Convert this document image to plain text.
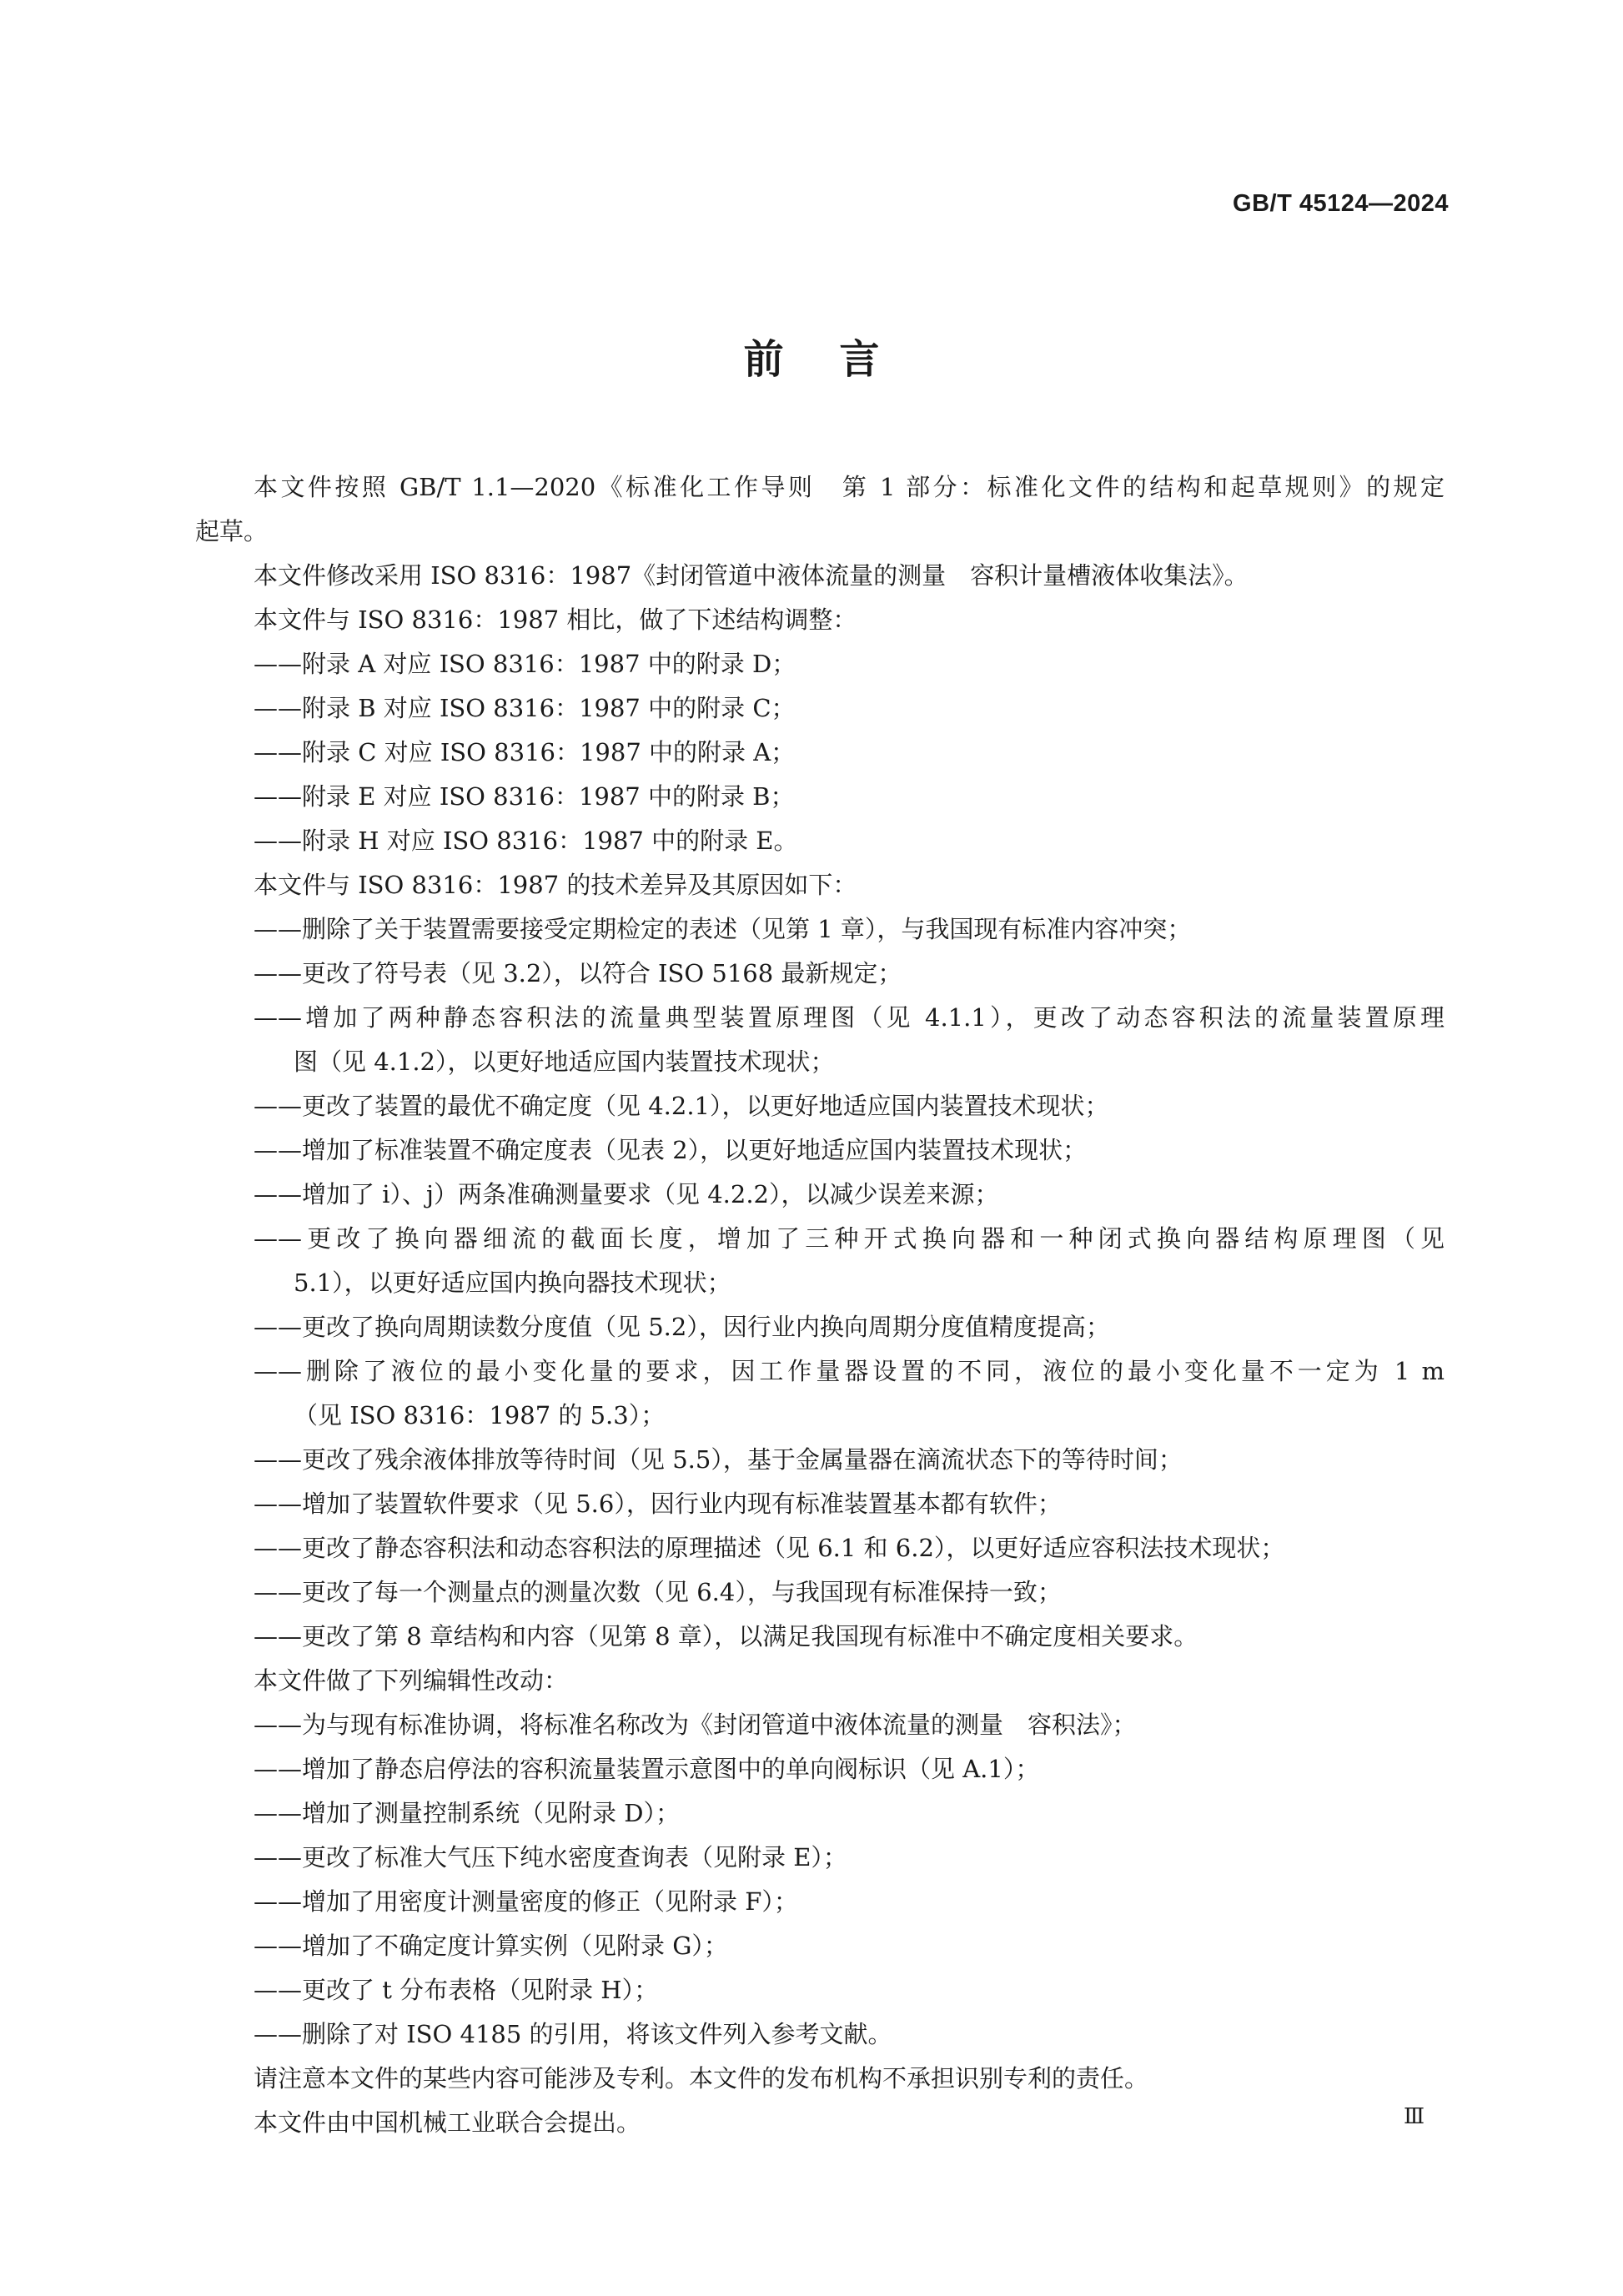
GB/T 45124—2024
前    言
本文件按照 GB/T 1.1—2020《标准化工作导则　第 1 部分：标准化文件的结构和起草规则》的规定
起草。
本文件修改采用 ISO 8316：1987《封闭管道中液体流量的测量　容积计量槽液体收集法》。
本文件与 ISO 8316：1987 相比，做了下述结构调整：
——附录 A 对应 ISO 8316：1987 中的附录 D；
——附录 B 对应 ISO 8316：1987 中的附录 C；
——附录 C 对应 ISO 8316：1987 中的附录 A；
——附录 E 对应 ISO 8316：1987 中的附录 B；
——附录 H 对应 ISO 8316：1987 中的附录 E。
本文件与 ISO 8316：1987 的技术差异及其原因如下：
——删除了关于装置需要接受定期检定的表述（见第 1 章），与我国现有标准内容冲突；
——更改了符号表（见 3.2），以符合 ISO 5168 最新规定；
——增加了两种静态容积法的流量典型装置原理图（见 4.1.1），更改了动态容积法的流量装置原理
图（见 4.1.2），以更好地适应国内装置技术现状；
——更改了装置的最优不确定度（见 4.2.1），以更好地适应国内装置技术现状；
——增加了标准装置不确定度表（见表 2），以更好地适应国内装置技术现状；
——增加了 i）、j）两条准确测量要求（见 4.2.2），以减少误差来源；
——更改了换向器细流的截面长度，增加了三种开式换向器和一种闭式换向器结构原理图（见
5.1），以更好适应国内换向器技术现状；
——更改了换向周期读数分度值（见 5.2），因行业内换向周期分度值精度提高；
——删除了液位的最小变化量的要求，因工作量器设置的不同，液位的最小变化量不一定为 1 m
（见 ISO 8316：1987 的 5.3）；
——更改了残余液体排放等待时间（见 5.5），基于金属量器在滴流状态下的等待时间；
——增加了装置软件要求（见 5.6），因行业内现有标准装置基本都有软件；
——更改了静态容积法和动态容积法的原理描述（见 6.1 和 6.2），以更好适应容积法技术现状；
——更改了每一个测量点的测量次数（见 6.4），与我国现有标准保持一致；
——更改了第 8 章结构和内容（见第 8 章），以满足我国现有标准中不确定度相关要求。
本文件做了下列编辑性改动：
——为与现有标准协调，将标准名称改为《封闭管道中液体流量的测量　容积法》；
——增加了静态启停法的容积流量装置示意图中的单向阀标识（见 A.1）；
——增加了测量控制系统（见附录 D）；
——更改了标准大气压下纯水密度查询表（见附录 E）；
——增加了用密度计测量密度的修正（见附录 F）；
——增加了不确定度计算实例（见附录 G）；
——更改了 t 分布表格（见附录 H）；
——删除了对 ISO 4185 的引用，将该文件列入参考文献。
请注意本文件的某些内容可能涉及专利。本文件的发布机构不承担识别专利的责任。
本文件由中国机械工业联合会提出。	Ⅲ
